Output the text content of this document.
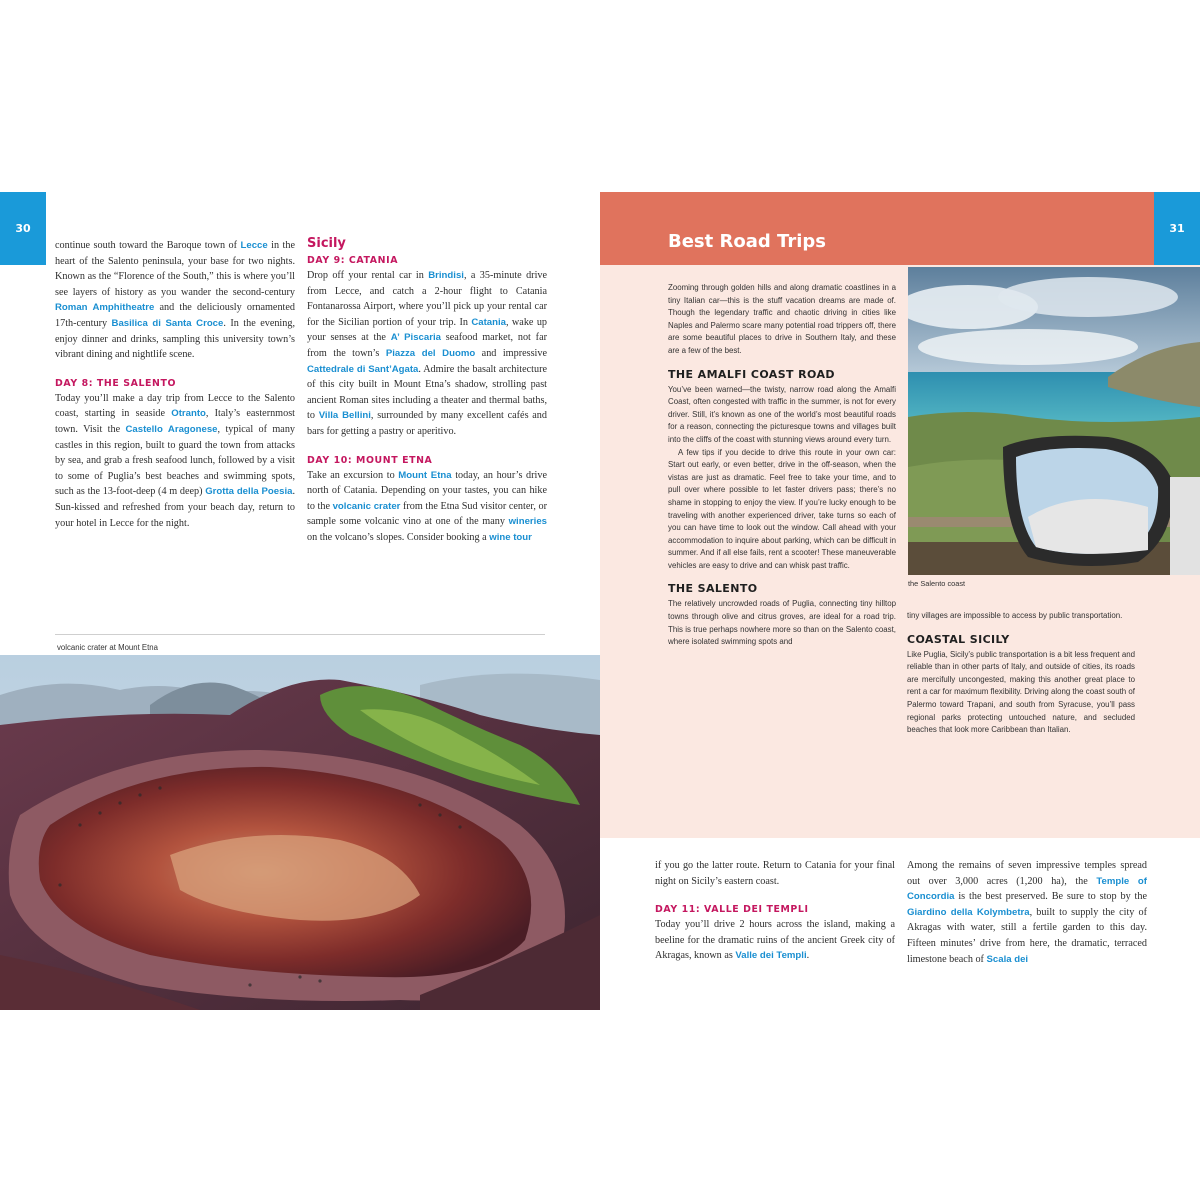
30

continue south toward the Baroque town of Lecce in the heart of the Salento peninsula, your base for two nights. Known as the “Florence of the South,” this is where you’ll see layers of history as you wander the second-century Roman Amphitheatre and the deliciously ornamented 17th-century Basilica di Santa Croce. In the evening, enjoy dinner and drinks, sampling this university town’s vibrant dining and nightlife scene.

DAY 8: THE SALENTO

Today you’ll make a day trip from Lecce to the Salento coast, starting in seaside Otranto, Italy’s easternmost town. Visit the Castello Aragonese, typical of many castles in this region, built to guard the town from attacks by sea, and grab a fresh seafood lunch, followed by a visit to some of Puglia’s best beaches and swimming spots, such as the 13-foot-deep (4 m deep) Grotta della Poesia. Sun-kissed and refreshed from your beach day, return to your hotel in Lecce for the night.

Sicily
DAY 9: CATANIA

Drop off your rental car in Brindisi, a 35-minute drive from Lecce, and catch a 2-hour flight to Catania Fontanarossa Airport, where you’ll pick up your rental car for the Sicilian portion of your trip. In Catania, wake up your senses at the A’ Piscaria seafood market, not far from the town’s Piazza del Duomo and impressive Cattedrale di Sant’Agata. Admire the basalt architecture of this city built in Mount Etna’s shadow, strolling past ancient Roman sites including a theater and thermal baths, to Villa Bellini, surrounded by many excellent cafés and bars for getting a pastry or aperitivo.

DAY 10: MOUNT ETNA

Take an excursion to Mount Etna today, an hour’s drive north of Catania. Depending on your tastes, you can hike to the volcanic crater from the Etna Sud visitor center, or sample some volcanic vino at one of the many wineries on the volcano’s slopes. Consider booking a wine tour

volcanic crater at Mount Etna
Best Road Trips
31
the Salento coast

Zooming through golden hills and along dramatic coastlines in a tiny Italian car—this is the stuff vacation dreams are made of. Though the legendary traffic and chaotic driving in cities like Naples and Palermo scare many potential road trippers off, there are some beautiful places to drive in Southern Italy, and these are a few of the best.

THE AMALFI COAST ROAD

You’ve been warned—the twisty, narrow road along the Amalfi Coast, often congested with traffic in the summer, is not for every driver. Still, it’s known as one of the world’s most beautiful roads for a reason, connecting the picturesque towns and villages built into the cliffs of the coast with stunning views around every turn.

A few tips if you decide to drive this route in your own car: Start out early, or even better, drive in the off-season, when the vistas are just as dramatic. Feel free to take your time, and to pull over where possible to let faster drivers pass; there’s no shame in stopping to enjoy the view. If you’re lucky enough to be traveling with another experienced driver, take turns so each of you can have time to look out the window. Call ahead with your accommodation to inquire about parking, which can be difficult in summer. And if all else fails, rent a scooter! These maneuverable vehicles are easy to drive and can whisk past traffic.

THE SALENTO

The relatively uncrowded roads of Puglia, connecting tiny hilltop towns through olive and citrus groves, are ideal for a road trip. This is true perhaps nowhere more so than on the Salento coast, where isolated swimming spots and

tiny villages are impossible to access by public transportation.

COASTAL SICILY

Like Puglia, Sicily’s public transportation is a bit less frequent and reliable than in other parts of Italy, and outside of cities, its roads are mercifully uncongested, making this another great place to rent a car for maximum flexibility. Driving along the coast south of Palermo toward Trapani, and south from Syracuse, you’ll pass regional parks protecting untouched nature, and secluded beaches that look more Caribbean than Italian.

if you go the latter route. Return to Catania for your final night on Sicily’s eastern coast.

DAY 11: VALLE DEI TEMPLI

Today you’ll drive 2 hours across the island, making a beeline for the dramatic ruins of the ancient Greek city of Akragas, known as Valle dei Templi.

Among the remains of seven impressive temples spread out over 3,000 acres (1,200 ha), the Temple of Concordia is the best preserved. Be sure to stop by the Giardino della Kolymbetra, built to supply the city of Akragas with water, still a fertile garden to this day. Fifteen minutes’ drive from here, the dramatic, terraced limestone beach of Scala dei
